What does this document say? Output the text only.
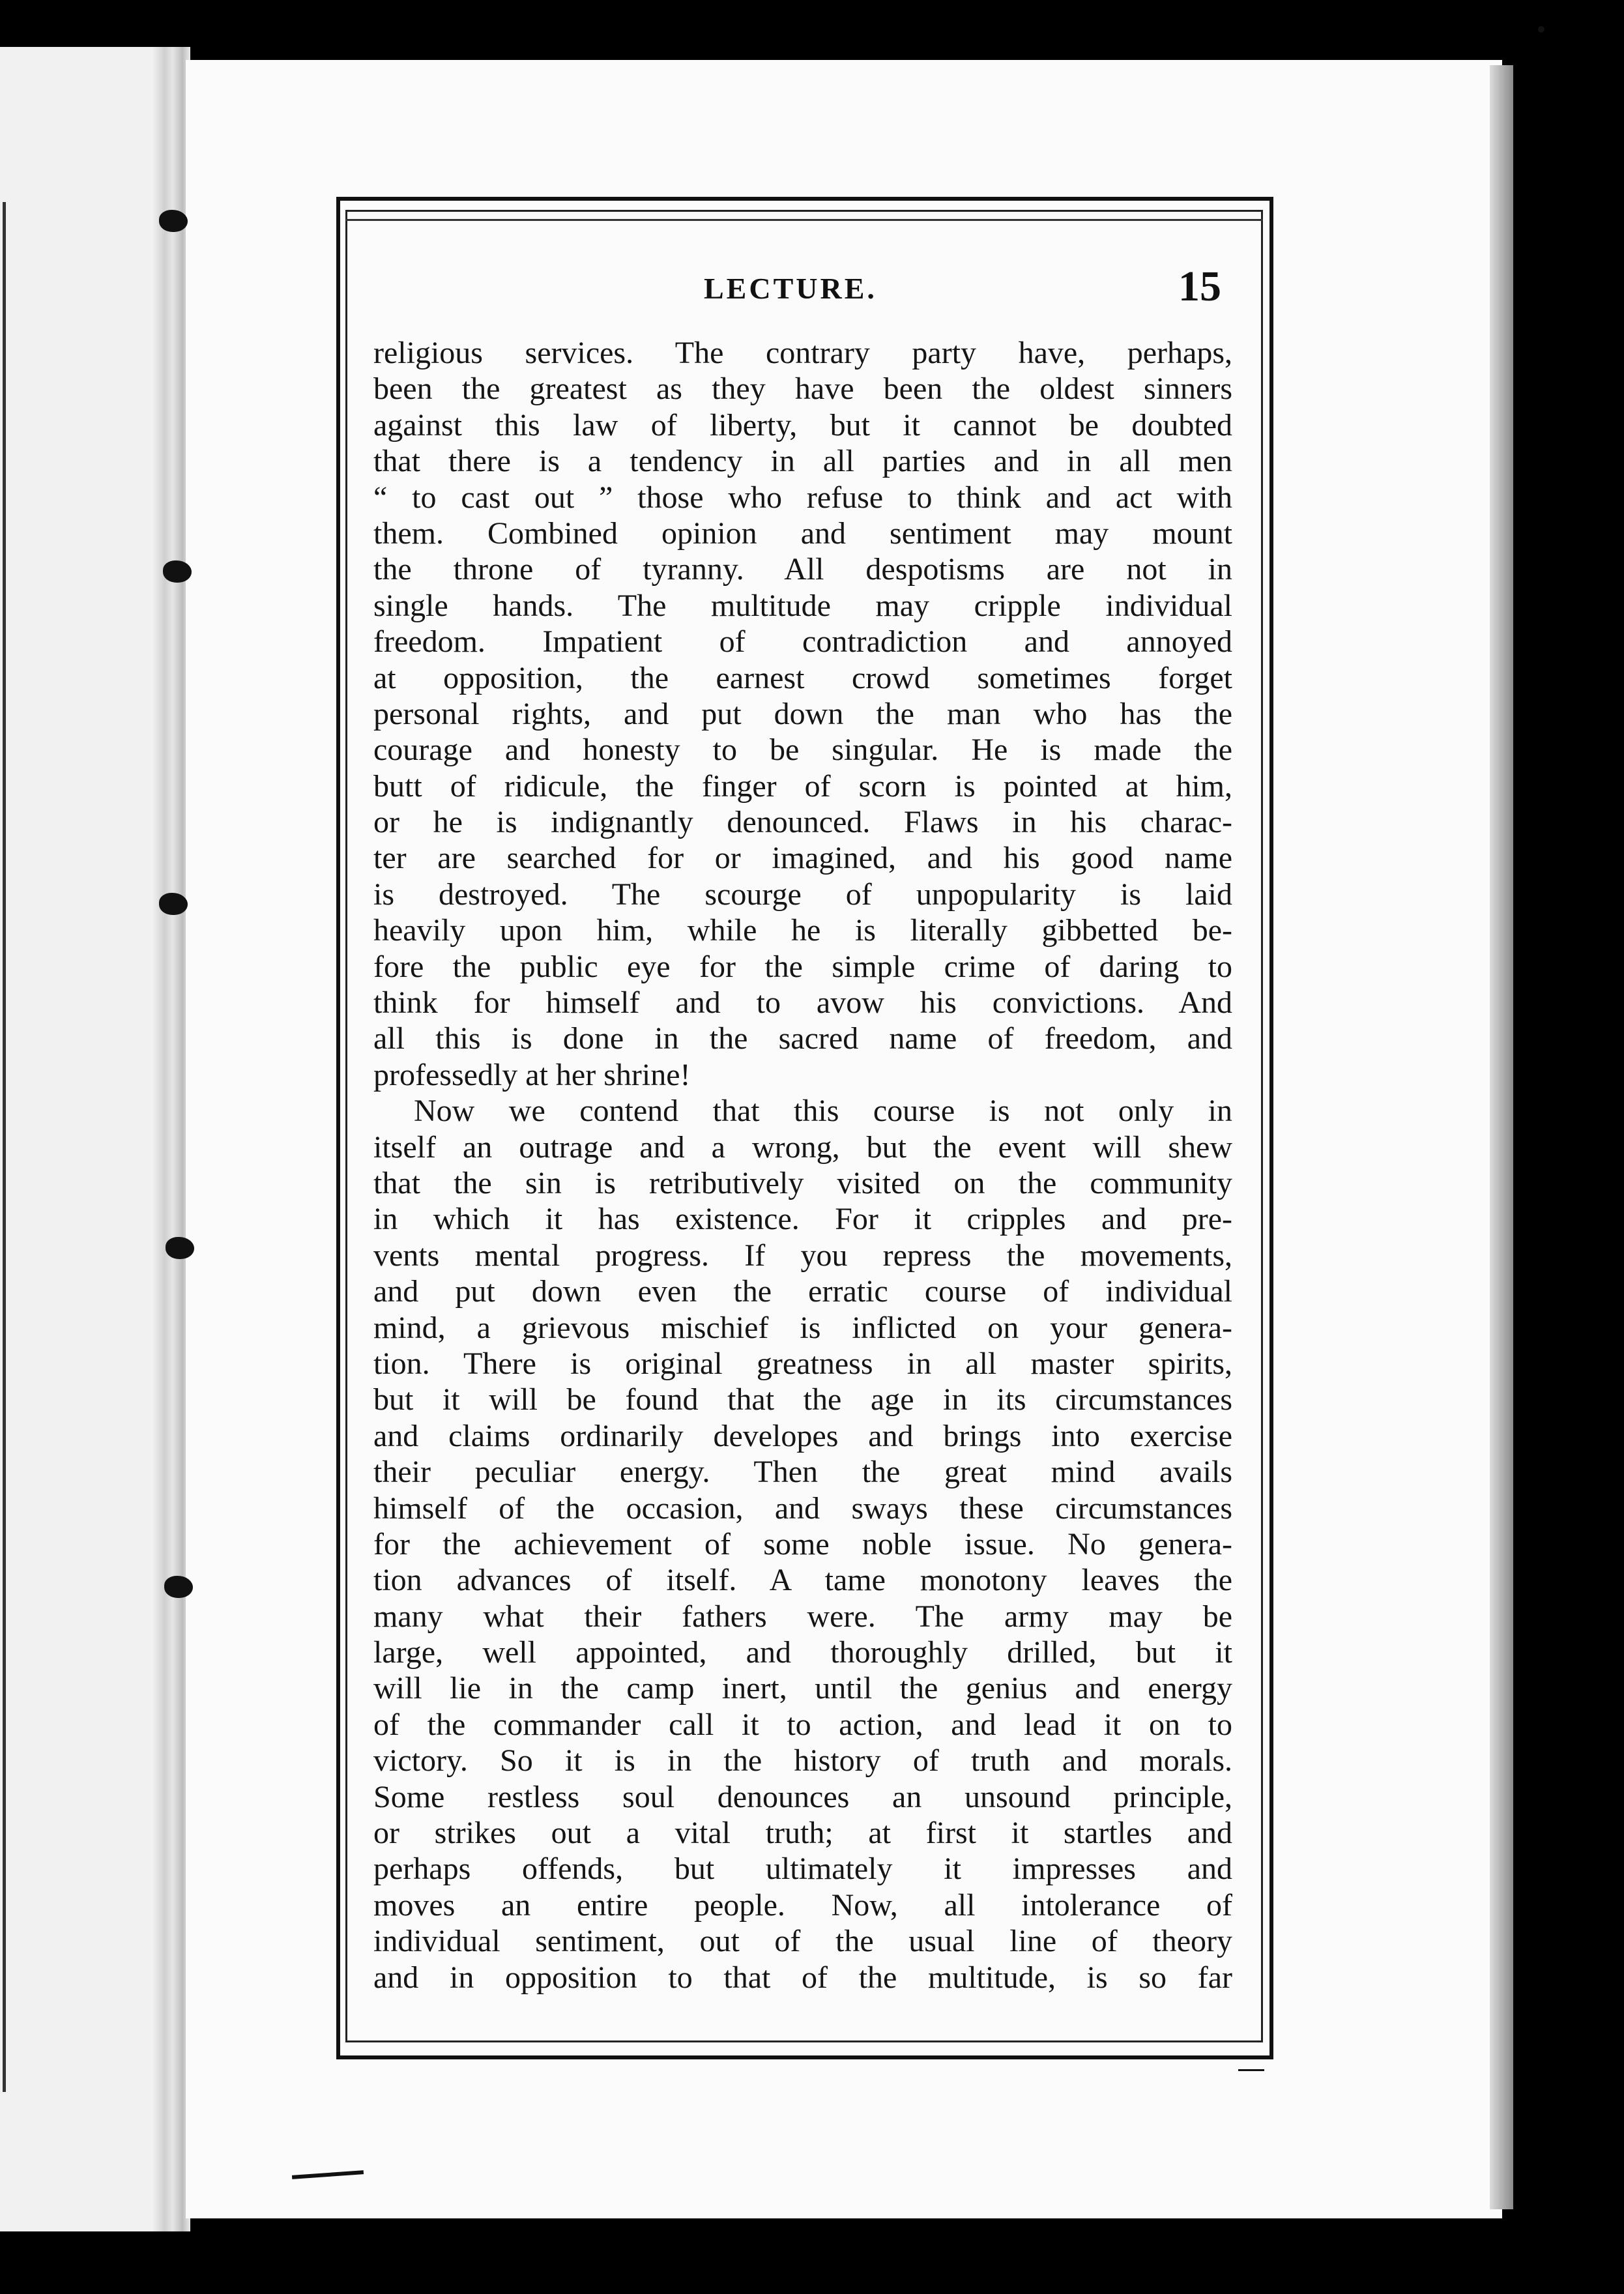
LECTURE.	15
religious services. The contrary party have, perhaps,
been the greatest as they have been the oldest sinners
against this law of liberty, but it cannot be doubted
that there is a tendency in all parties and in all men
“ to cast out ” those who refuse to think and act with
them. Combined opinion and sentiment may mount
the throne of tyranny. All despotisms are not in
single hands. The multitude may cripple individual
freedom. Impatient of contradiction and annoyed
at opposition, the earnest crowd sometimes forget
personal rights, and put down the man who has the
courage and honesty to be singular. He is made the
butt of ridicule, the finger of scorn is pointed at him,
or he is indignantly denounced. Flaws in his charac-
ter are searched for or imagined, and his good name
is destroyed. The scourge of unpopularity is laid
heavily upon him, while he is literally gibbetted be-
fore the public eye for the simple crime of daring to
think for himself and to avow his convictions. And
all this is done in the sacred name of freedom, and
professedly at her shrine!
Now we contend that this course is not only in
itself an outrage and a wrong, but the event will shew
that the sin is retributively visited on the community
in which it has existence. For it cripples and pre-
vents mental progress. If you repress the movements,
and put down even the erratic course of individual
mind, a grievous mischief is inflicted on your genera-
tion. There is original greatness in all master spirits,
but it will be found that the age in its circumstances
and claims ordinarily developes and brings into exercise
their peculiar energy. Then the great mind avails
himself of the occasion, and sways these circumstances
for the achievement of some noble issue. No genera-
tion advances of itself. A tame monotony leaves the
many what their fathers were. The army may be
large, well appointed, and thoroughly drilled, but it
will lie in the camp inert, until the genius and energy
of the commander call it to action, and lead it on to
victory. So it is in the history of truth and morals.
Some restless soul denounces an unsound principle,
or strikes out a vital truth; at first it startles and
perhaps offends, but ultimately it impresses and
moves an entire people. Now, all intolerance of
individual sentiment, out of the usual line of theory
and in opposition to that of the multitude, is so far
